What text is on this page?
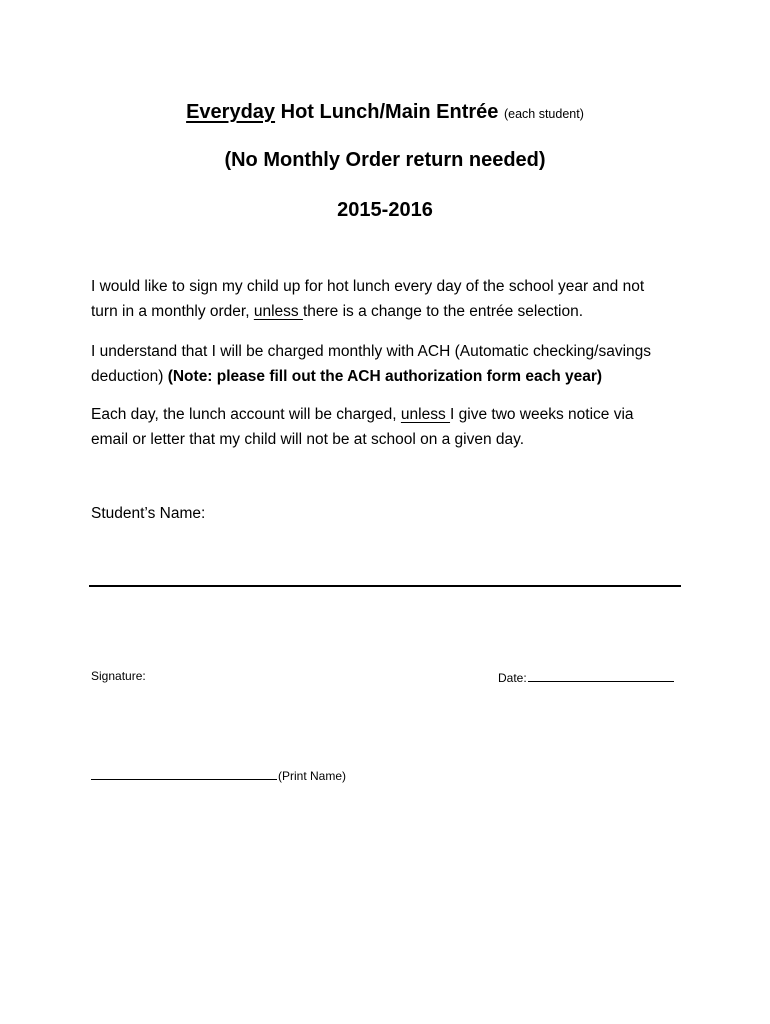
Everyday Hot Lunch/Main Entrée (each student)
(No Monthly Order return needed)
2015-2016
I would like to sign my child up for hot lunch every day of the school year and not
turn in a monthly order, unless there is a change to the entrée selection.
I understand that I will be charged monthly with ACH (Automatic checking/savings
deduction) (Note: please fill out the ACH authorization form each year)
Each day, the lunch account will be charged, unless I give two weeks notice via
email or letter that my child will not be at school on a given day.
Student’s Name:
Signature:	Date:
(Print Name)
